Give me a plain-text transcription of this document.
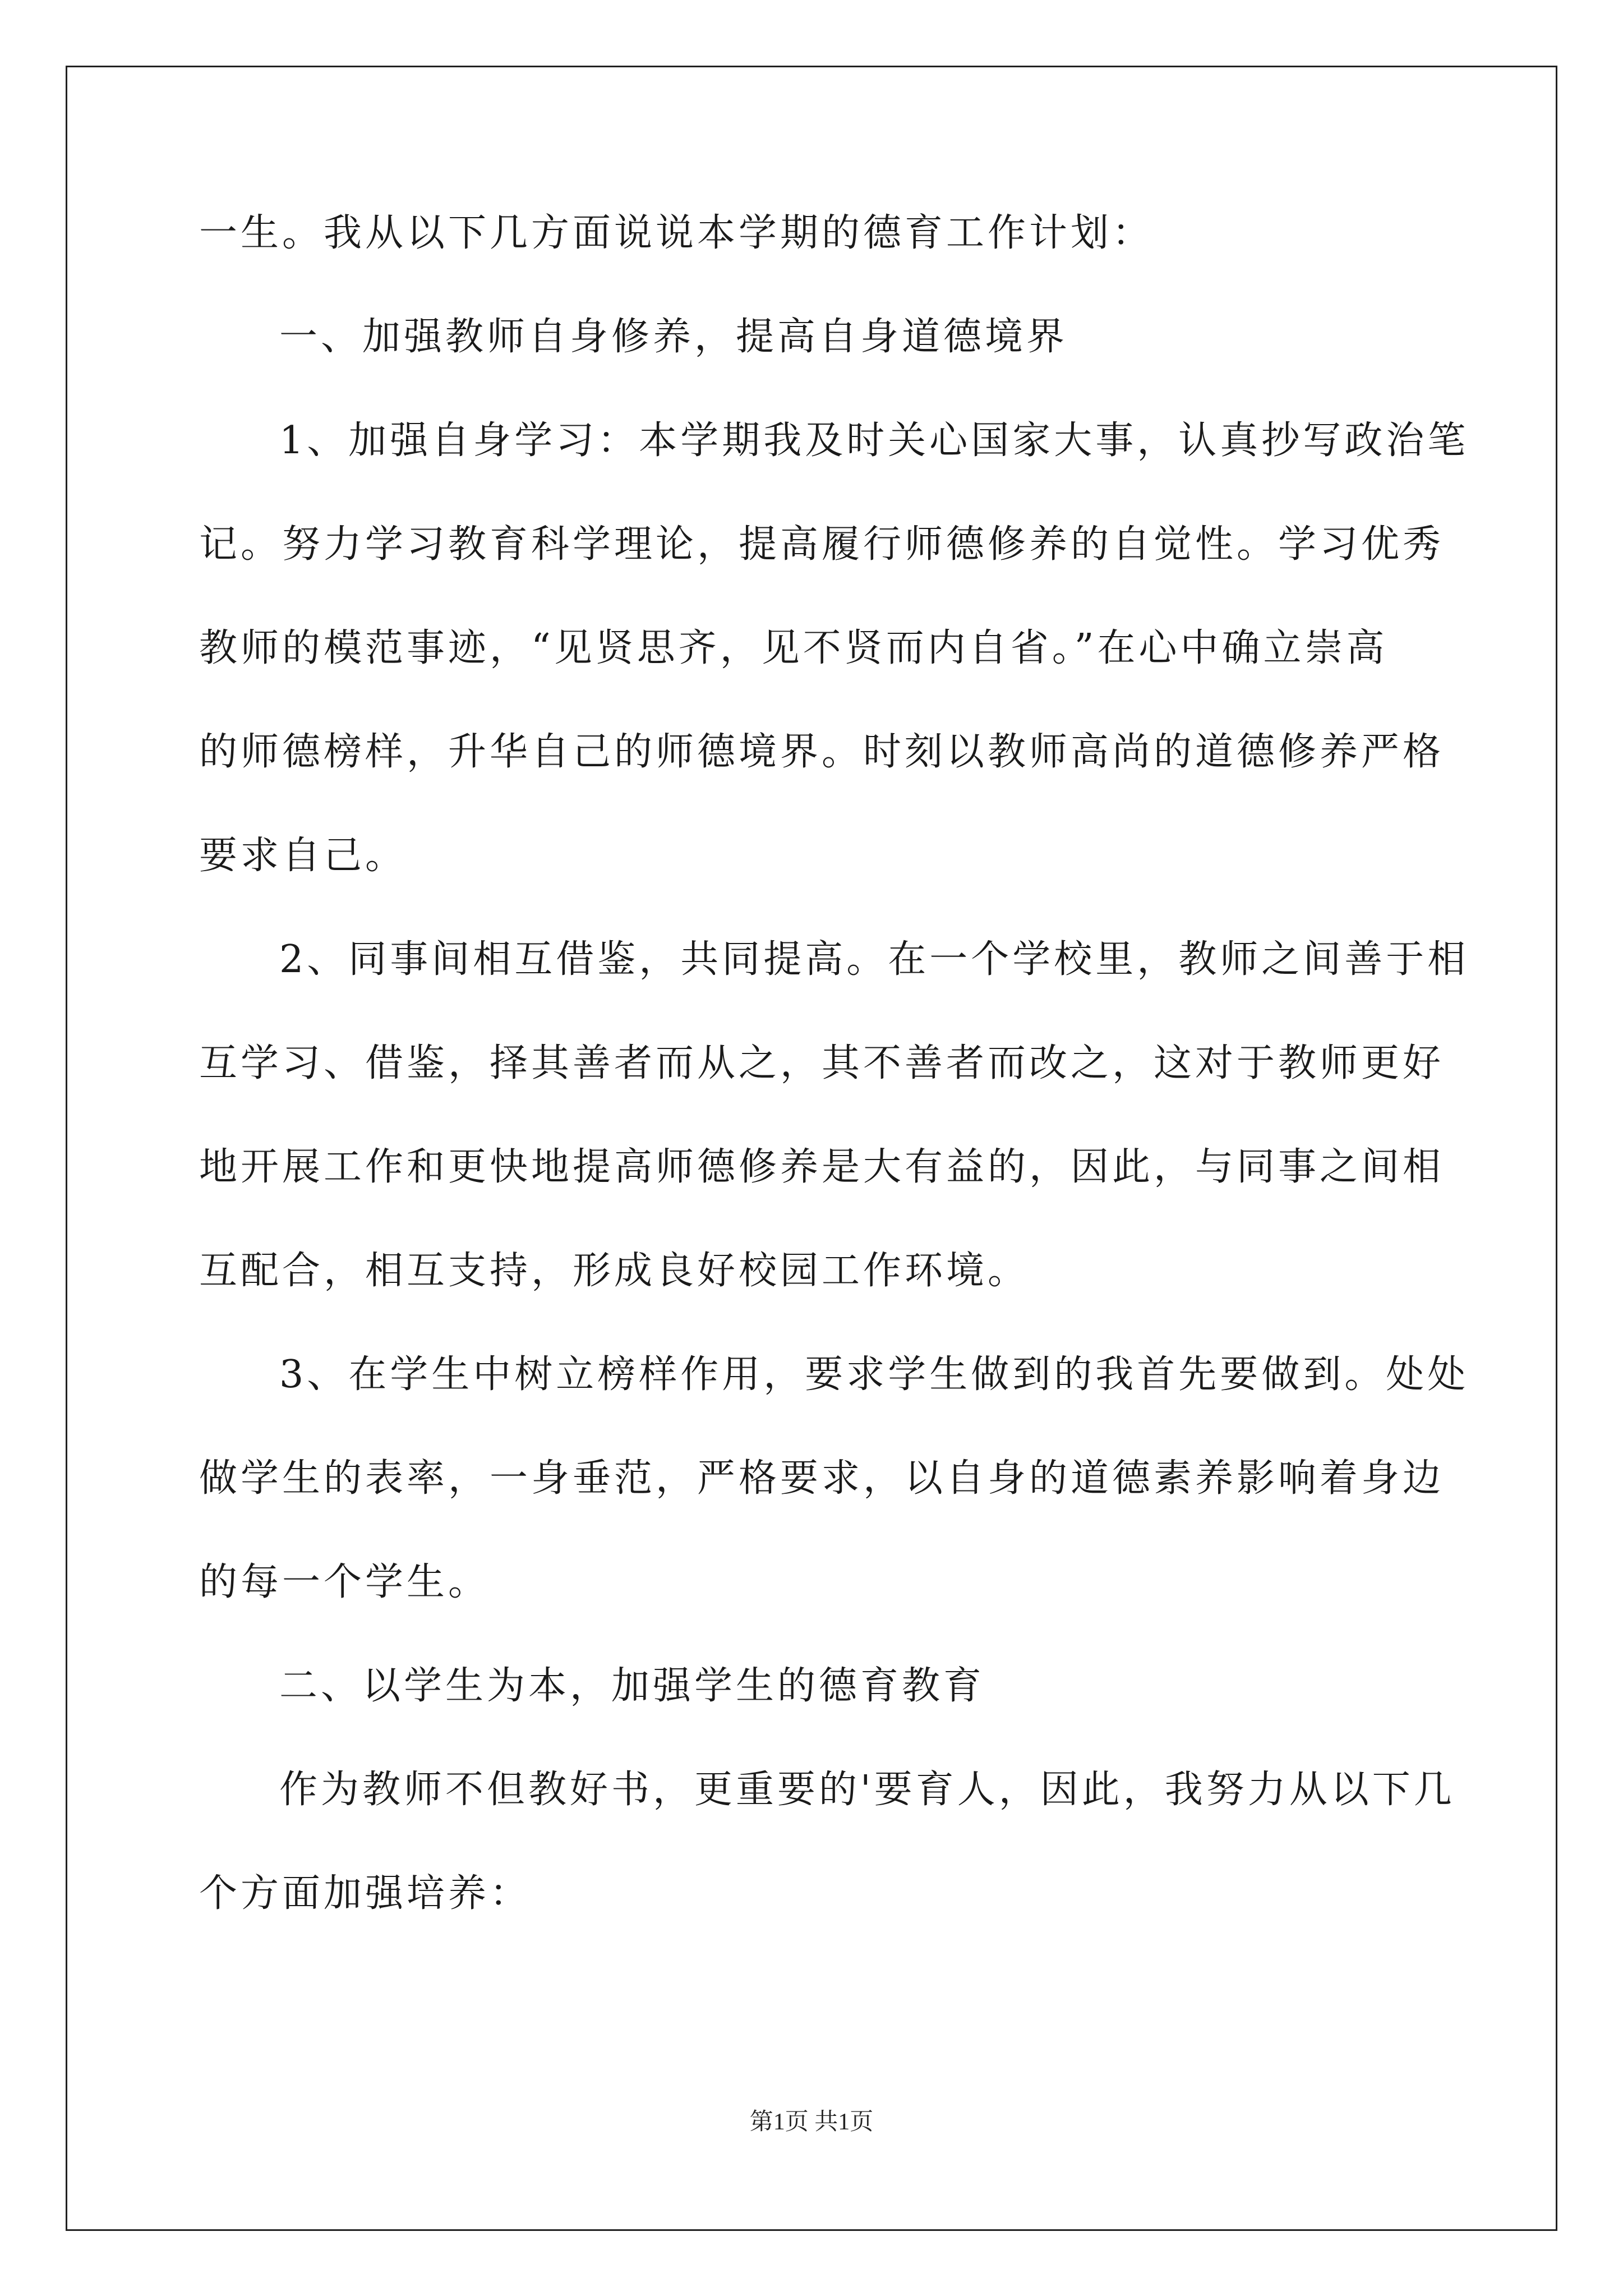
一生。我从以下几方面说说本学期的德育工作计划：
一、加强教师自身修养，提高自身道德境界
1、加强自身学习：本学期我及时关心国家大事，认真抄写政治笔
记。努力学习教育科学理论，提高履行师德修养的自觉性。学习优秀
教师的模范事迹，“见贤思齐，见不贤而内自省。”在心中确立崇高
的师德榜样，升华自己的师德境界。时刻以教师高尚的道德修养严格
要求自己。
2、同事间相互借鉴，共同提高。在一个学校里，教师之间善于相
互学习、借鉴，择其善者而从之，其不善者而改之，这对于教师更好
地开展工作和更快地提高师德修养是大有益的，因此，与同事之间相
互配合，相互支持，形成良好校园工作环境。
3、在学生中树立榜样作用，要求学生做到的我首先要做到。处处
做学生的表率，一身垂范，严格要求，以自身的道德素养影响着身边
的每一个学生。
二、以学生为本，加强学生的德育教育
作为教师不但教好书，更重要的'要育人，因此，我努力从以下几
个方面加强培养：
第1页 共1页
